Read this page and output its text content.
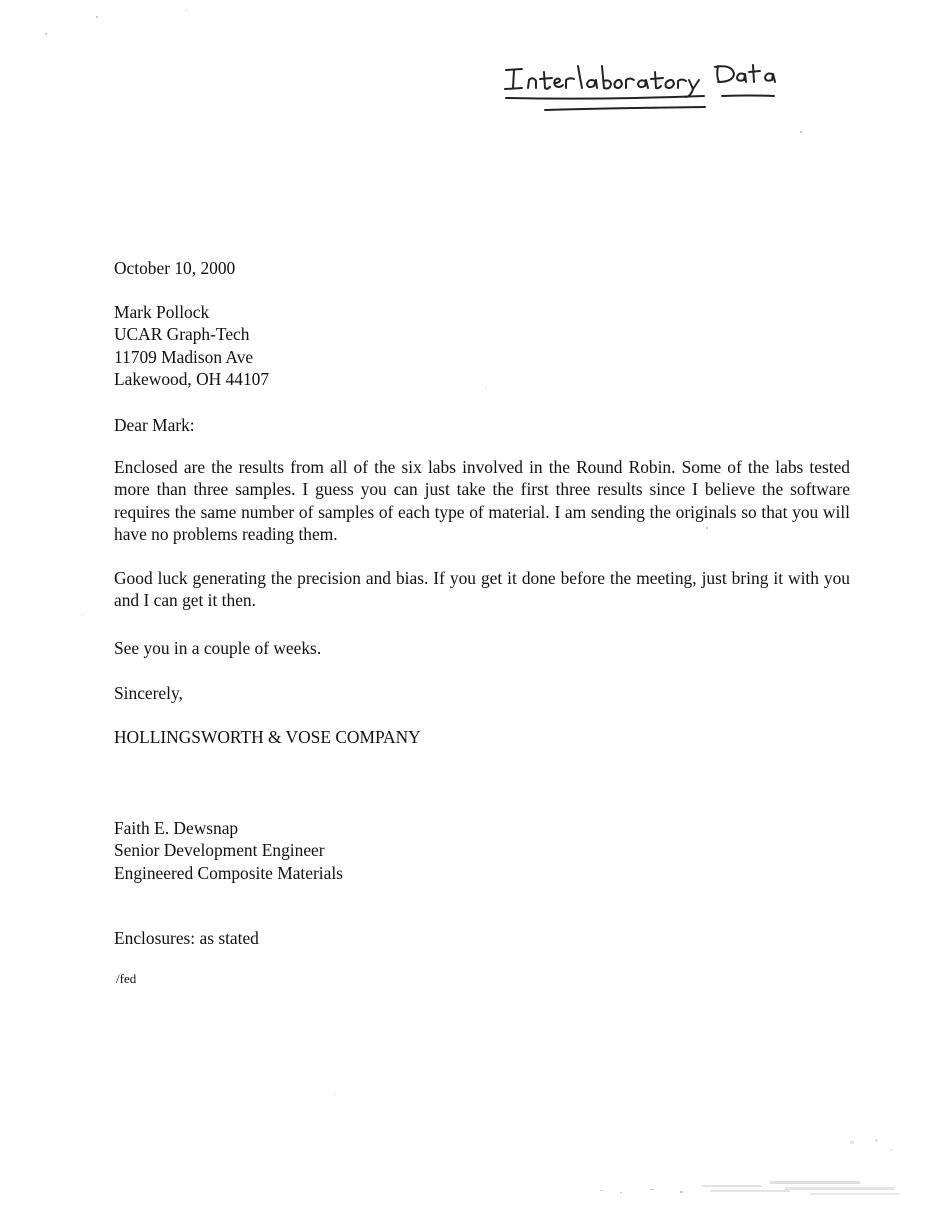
October 10, 2000

Mark Pollock
UCAR Graph-Tech
11709 Madison Ave
Lakewood, OH 44107

Dear Mark:

Enclosed are the results from all of the six labs involved in the Round Robin. Some of the labs tested more than three samples. I guess you can just take the first three results since I believe the software requires the same number of samples of each type of material. I am sending the originals so that you will have no problems reading them.

Good luck generating the precision and bias. If you get it done before the meeting, just bring it with you and I can get it then.

See you in a couple of weeks.

Sincerely,

HOLLINGSWORTH & VOSE COMPANY

Faith E. Dewsnap
Senior Development Engineer
Engineered Composite Materials

Enclosures: as stated

/fed
